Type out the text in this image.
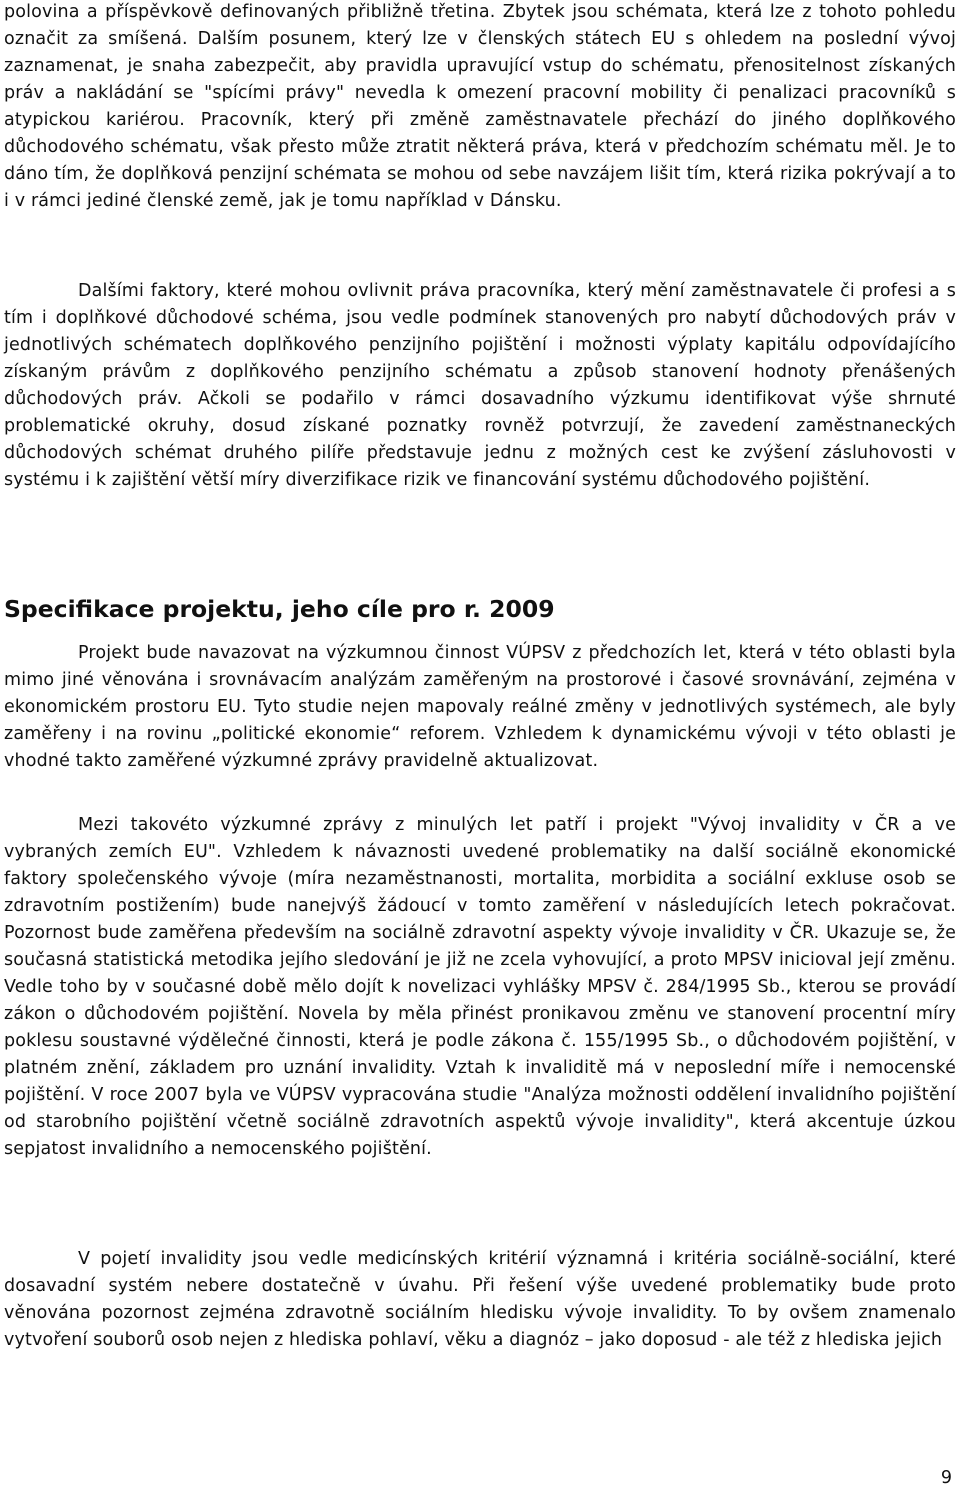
polovina a příspěvkově definovaných přibližně třetina. Zbytek jsou schémata, která lze z tohoto pohledu označit za smíšená. Dalším posunem, který lze v členských státech EU s ohledem na poslední vývoj zaznamenat, je snaha zabezpečit, aby pravidla upravující vstup do schématu, přenositelnost získaných práv a nakládání se "spícími právy" nevedla k omezení pracovní mobility či penalizaci pracovníků s atypickou kariérou. Pracovník, který při změně zaměstnavatele přechází do jiného doplňkového důchodového schématu, však přesto může ztratit některá práva, která v předchozím schématu měl. Je to dáno tím, že doplňková penzijní schémata se mohou od sebe navzájem lišit tím, která rizika pokrývají a to i v rámci jediné členské země, jak je tomu například v Dánsku.

Dalšími faktory, které mohou ovlivnit práva pracovníka, který mění zaměstnavatele či profesi a s tím i doplňkové důchodové schéma, jsou vedle podmínek stanovených pro nabytí důchodových práv v jednotlivých schématech doplňkového penzijního pojištění i možnosti výplaty kapitálu odpovídajícího získaným právům z doplňkového penzijního schématu a způsob stanovení hodnoty přenášených důchodových práv. Ačkoli se podařilo v rámci dosavadního výzkumu identifikovat výše shrnuté problematické okruhy, dosud získané poznatky rovněž potvrzují, že zavedení zaměstnaneckých důchodových schémat druhého pilíře představuje jednu z možných cest ke zvýšení zásluhovosti v systému i k zajištění větší míry diverzifikace rizik ve financování systému důchodového pojištění.

Specifikace projektu, jeho cíle pro r. 2009

Projekt bude navazovat na výzkumnou činnost VÚPSV z předchozích let, která v této oblasti byla mimo jiné věnována i srovnávacím analýzám zaměřeným na prostorové i časové srovnávání, zejména v ekonomickém prostoru EU. Tyto studie nejen mapovaly reálné změny v jednotlivých systémech, ale byly zaměřeny i na rovinu „politické ekonomie“ reforem. Vzhledem k dynamickému vývoji v této oblasti je vhodné takto zaměřené výzkumné zprávy pravidelně aktualizovat.

Mezi takovéto výzkumné zprávy z minulých let patří i projekt "Vývoj invalidity v ČR a ve vybraných zemích EU". Vzhledem k návaznosti uvedené problematiky na další sociálně ekonomické faktory společenského vývoje (míra nezaměstnanosti, mortalita, morbidita a sociální exkluse osob se zdravotním postižením) bude nanejvýš žádoucí v tomto zaměření v následujících letech pokračovat. Pozornost bude zaměřena především na sociálně zdravotní aspekty vývoje invalidity v ČR. Ukazuje se, že současná statistická metodika jejího sledování je již ne zcela vyhovující, a proto MPSV inicioval její změnu. Vedle toho by v současné době mělo dojít k novelizaci vyhlášky MPSV č. 284/1995 Sb., kterou se provádí zákon o důchodovém pojištění. Novela by měla přinést pronikavou změnu ve stanovení procentní míry poklesu soustavné výdělečné činnosti, která je podle zákona č. 155/1995 Sb., o důchodovém pojištění, v platném znění, základem pro uznání invalidity. Vztah k invaliditě má v neposlední míře i nemocenské pojištění. V roce 2007 byla ve VÚPSV vypracována studie "Analýza možnosti oddělení invalidního pojištění od starobního pojištění včetně sociálně zdravotních aspektů vývoje invalidity", která akcentuje úzkou sepjatost invalidního a nemocenského pojištění.

V pojetí invalidity jsou vedle medicínských kritérií významná i kritéria sociálně-sociální, které dosavadní systém nebere dostatečně v úvahu. Při řešení výše uvedené problematiky bude proto věnována pozornost zejména zdravotně sociálním hledisku vývoje invalidity. To by ovšem znamenalo vytvoření souborů osob nejen z hlediska pohlaví, věku a diagnóz – jako doposud - ale též z hlediska jejich

9
